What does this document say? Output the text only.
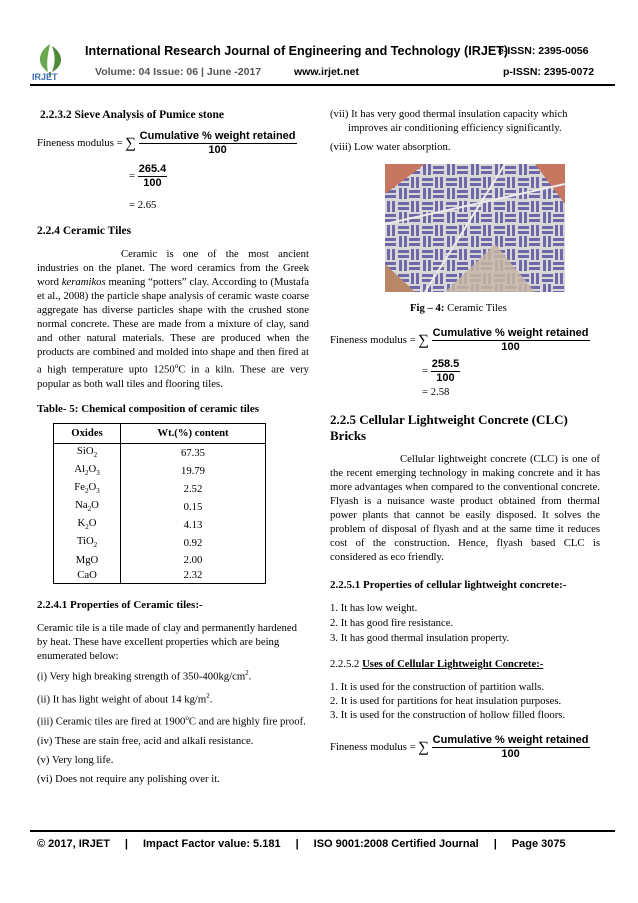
IRJET
International Research Journal of Engineering and Technology (IRJET)
e-ISSN: 2395-0056
Volume: 04 Issue: 06 | June -2017	www.irjet.net	p-ISSN: 2395-0072
2.2.3.2 Sieve Analysis of Pumice stone
Fineness modulus = ∑ $\frac{\text{Cumulative \% weight retained}}{100}$
= $\frac{265.4}{100}$
= 2.65
2.2.4 Ceramic Tiles

Ceramic is one of the most ancient industries on the planet. The word ceramics from the Greek word keramikos meaning “potters” clay. According to (Mustafa et al., 2008) the particle shape analysis of ceramic waste coarse aggregate has diverse particles shape with the crushed stone normal concrete. These are made from a mixture of clay, sand and other natural materials. These are produced when the products are combined and molded into shape and then fired at a high temperature upto 1250$^o$C in a kiln. These are very popular as both wall tiles and flooring tiles.

Table- 5: Chemical composition of ceramic tiles
Oxides	Wt.(%) content
SiO$_2$	67.35
$Al_2O_3$	19.79
$Fe_2O_3$	2.52
$Na_2O$	0.15
$K_2O$	4.13
TiO$_2$	0.92
MgO	2.00
CaO	2.32
2.2.4.1 Properties of Ceramic tiles:-

Ceramic tile is a tile made of clay and permanently hardened by heat. These have excellent properties which are being enumerated below:

(i) Very high breaking strength of $350-400kg/cm^2$.

(ii) It has light weight of about 14 $kg/m^2$.

(iii) Ceramic tiles are fired at 1900$^o$C and are highly fire proof.

(iv) These are stain free, acid and alkali resistance.

(v) Very long life.

(vi) Does not require any polishing over it.

(vii) It has very good thermal insulation capacity which improves air conditioning efficiency significantly.

(viii) Low water absorption.

Fig – 4: Ceramic Tiles
Fineness modulus = ∑ $\frac{\text{Cumulative \% weight retained}}{100}$
= $\frac{258.5}{100}$
= 2.58
2.2.5 Cellular Lightweight Concrete (CLC) Bricks

Cellular lightweight concrete (CLC) is one of the recent emerging technology in making concrete and it has more advantages when compared to the conventional concrete. Flyash is a nuisance waste product obtained from thermal power plants that cannot be easily disposed. It solves the problem of disposal of flyash and at the same time it reduces cost of the construction. Hence, flyash based CLC is considered as eco friendly.

2.2.5.1 Properties of cellular lightweight concrete:-

1. It has low weight.

2. It has good fire resistance.

3. It has good thermal insulation property.

2.2.5.2 Uses of Cellular Lightweight Concrete:-

1. It is used for the construction of partition walls.

2. It is used for partitions for heat insulation purposes.

3. It is used for the construction of hollow filled floors.

Fineness modulus = ∑ $\frac{\text{Cumulative \% weight retained}}{100}$
© 2017, IRJET | Impact Factor value: 5.181 | ISO 9001:2008 Certified Journal | Page 3075
